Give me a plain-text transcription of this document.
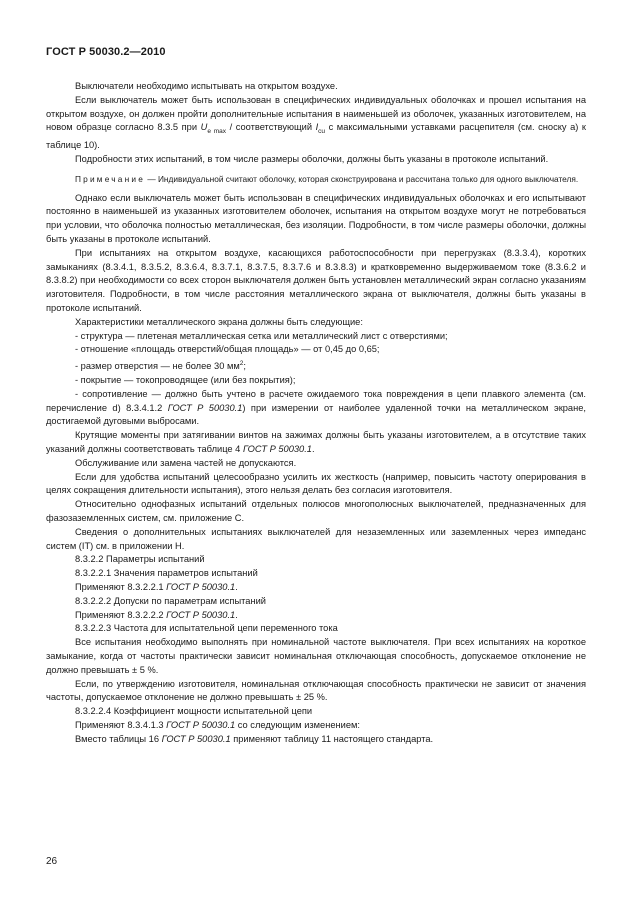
ГОСТ Р 50030.2—2010

Выключатели необходимо испытывать на открытом воздухе.

Если выключатель может быть использован в специфических индивидуальных оболочках и прошел испытания на открытом воздухе, он должен пройти дополнительные испытания в наименьшей из оболочек, указанных изготовителем, на новом образце согласно 8.3.5 при $U_{e max}$ / соответствующий $I_{cu}$ с максимальными уставками расцепителя (см. сноску а) к таблице 10).

Подробности этих испытаний, в том числе размеры оболочки, должны быть указаны в протоколе испытаний.

Примечание — Индивидуальной считают оболочку, которая сконструирована и рассчитана только для одного выключателя.

Однако если выключатель может быть использован в специфических индивидуальных оболочках и его испытывают постоянно в наименьшей из указанных изготовителем оболочек, испытания на открытом воздухе могут не потребоваться при условии, что оболочка полностью металлическая, без изоляции. Подробности, в том числе размеры оболочки, должны быть указаны в протоколе испытаний.

При испытаниях на открытом воздухе, касающихся работоспособности при перегрузках (8.3.3.4), коротких замыканиях (8.3.4.1, 8.3.5.2, 8.3.6.4, 8.3.7.1, 8.3.7.5, 8.3.7.6 и 8.3.8.3) и кратковременно выдерживаемом токе (8.3.6.2 и 8.3.8.2) при необходимости со всех сторон выключателя должен быть установлен металлический экран согласно указаниям изготовителя. Подробности, в том числе расстояния металлического экрана от выключателя, должны быть указаны в протоколе испытаний.

Характеристики металлического экрана должны быть следующие:

- структура — плетеная металлическая сетка или металлический лист с отверстиями;

- отношение «площадь отверстий/общая площадь» — от 0,45 до 0,65;

- размер отверстия — не более 30 $мм^2$;

- покрытие — токопроводящее (или без покрытия);

- сопротивление — должно быть учтено в расчете ожидаемого тока повреждения в цепи плавкого элемента (см. перечисление d) 8.3.4.1.2 ГОСТ Р 50030.1) при измерении от наиболее удаленной точки на металлическом экране, достигаемой дуговыми выбросами.

Крутящие моменты при затягивании винтов на зажимах должны быть указаны изготовителем, а в отсутствие таких указаний должны соответствовать таблице 4 ГОСТ Р 50030.1.

Обслуживание или замена частей не допускаются.

Если для удобства испытаний целесообразно усилить их жесткость (например, повысить частоту оперирования в целях сокращения длительности испытания), этого нельзя делать без согласия изготовителя.

Относительно однофазных испытаний отдельных полюсов многополюсных выключателей, предназначенных для фазозаземленных систем, см. приложение С.

Сведения о дополнительных испытаниях выключателей для незаземленных или заземленных через импеданс систем (IT) см. в приложении Н.

8.3.2.2 Параметры испытаний

8.3.2.2.1 Значения параметров испытаний

Применяют 8.3.2.2.1 ГОСТ Р 50030.1.

8.3.2.2.2 Допуски по параметрам испытаний

Применяют 8.3.2.2.2 ГОСТ Р 50030.1.

8.3.2.2.3 Частота для испытательной цепи переменного тока

Все испытания необходимо выполнять при номинальной частоте выключателя. При всех испытаниях на короткое замыкание, когда от частоты практически зависит номинальная отключающая способность, допускаемое отклонение не должно превышать ± 5 %.

Если, по утверждению изготовителя, номинальная отключающая способность практически не зависит от значения частоты, допускаемое отклонение не должно превышать ± 25 %.

8.3.2.2.4 Коэффициент мощности испытательной цепи

Применяют 8.3.4.1.3 ГОСТ Р 50030.1 со следующим изменением:

Вместо таблицы 16 ГОСТ Р 50030.1 применяют таблицу 11 настоящего стандарта.

26
